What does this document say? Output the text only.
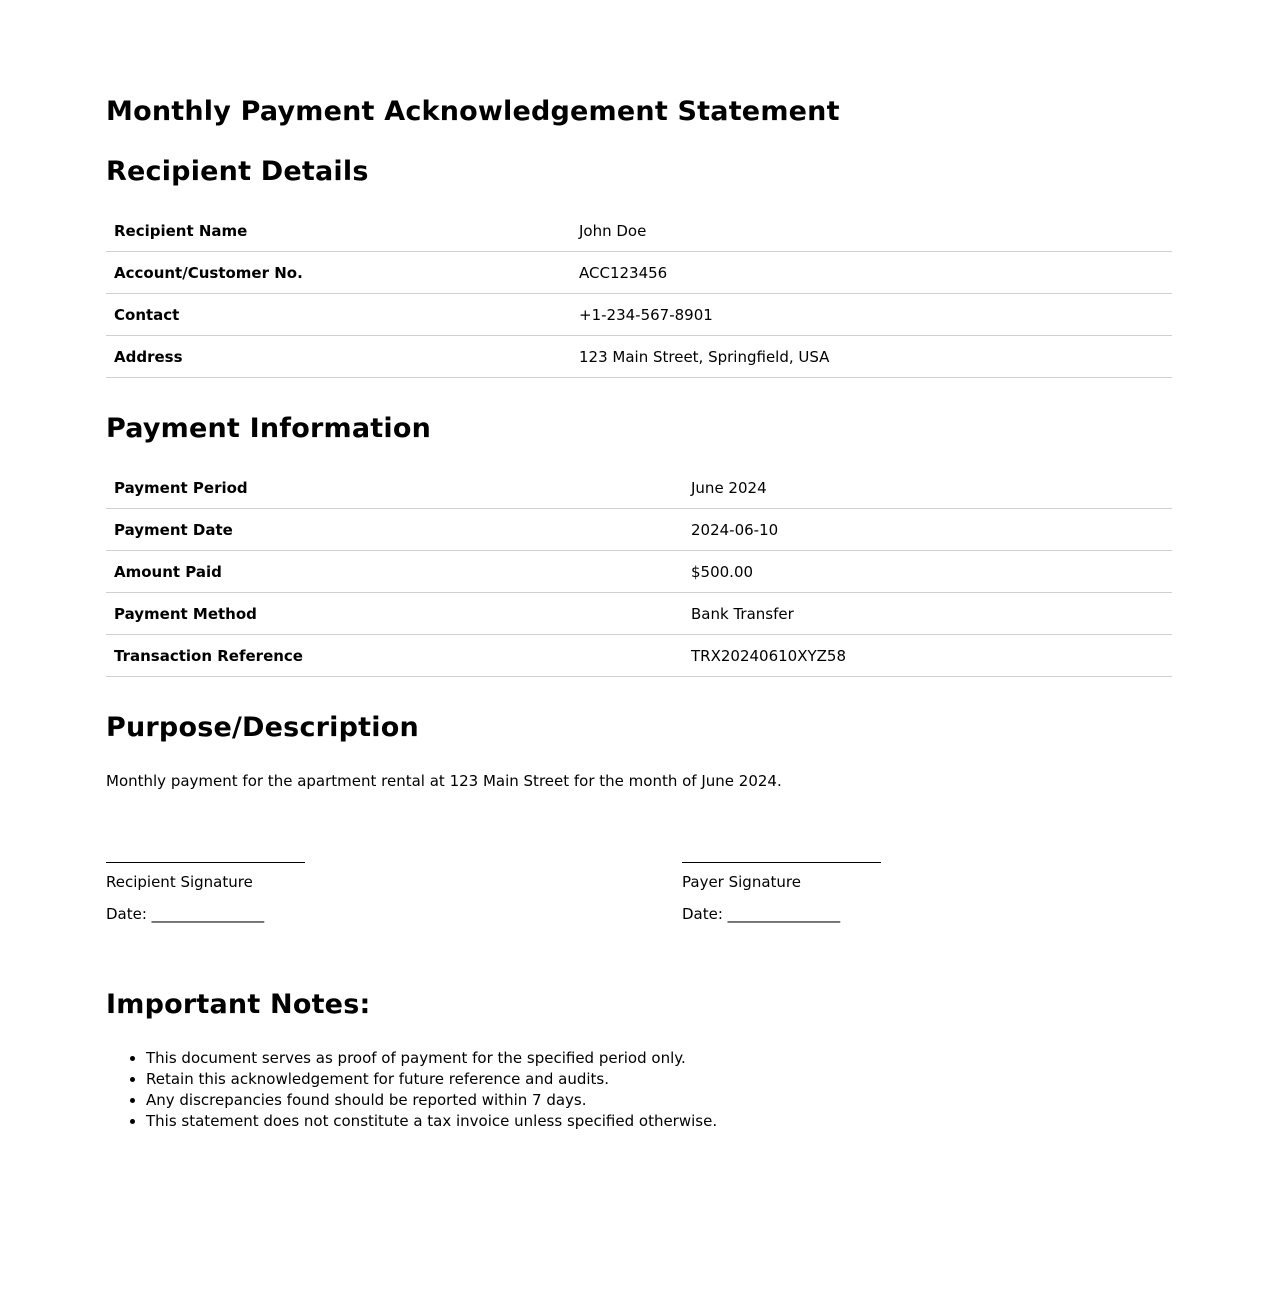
Monthly Payment Acknowledgement Statement
Recipient Details
Recipient Name	John Doe
Account/Customer No.	ACC123456
Contact	+1-234-567-8901
Address	123 Main Street, Springfield, USA
Payment Information
Payment Period	June 2024
Payment Date	2024-06-10
Amount Paid	$500.00
Payment Method	Bank Transfer
Transaction Reference	TRX20240610XYZ58
Purpose/Description
Monthly payment for the apartment rental at 123 Main Street for the month of June 2024.
Recipient Signature
Date: _______________
Payer Signature
Date: _______________
Important Notes:
• This document serves as proof of payment for the specified period only.
• Retain this acknowledgement for future reference and audits.
• Any discrepancies found should be reported within 7 days.
• This statement does not constitute a tax invoice unless specified otherwise.
